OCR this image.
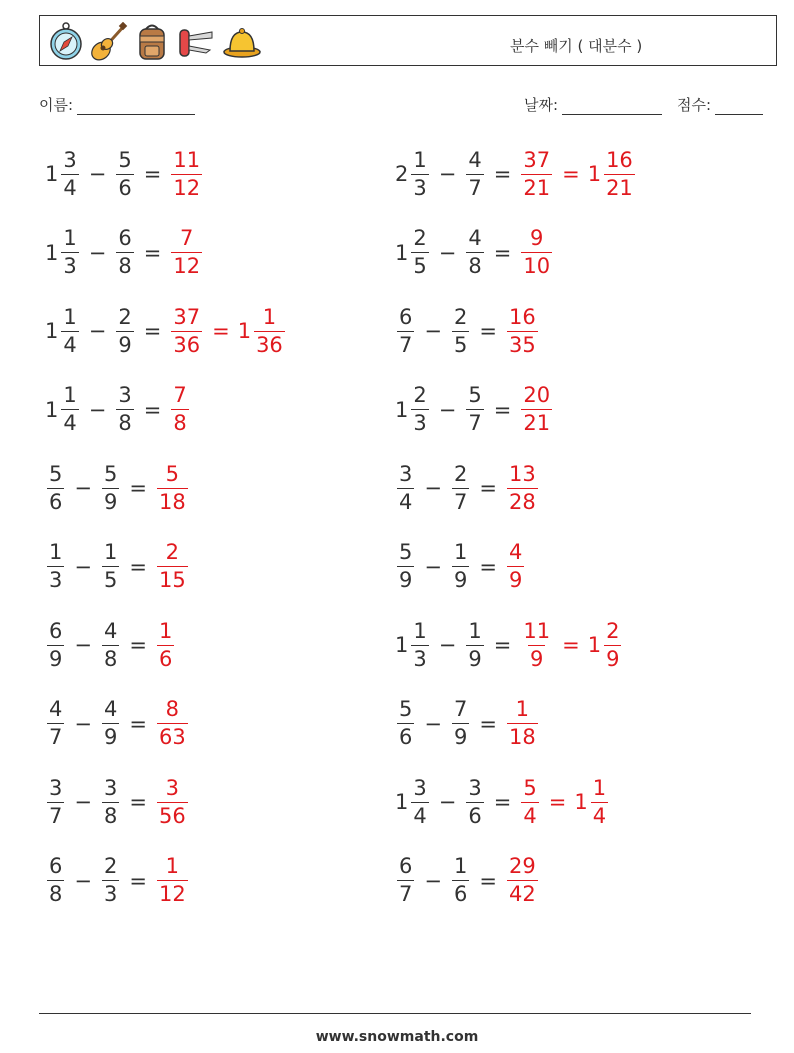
분수 빼기 ( 대분수 )
이름:	날짜:	점수:
$1 \frac{3}{4} - \frac{5}{6} = \frac{11}{12}$	$2 \frac{1}{3} - \frac{4}{7} = \frac{37}{21} = 1 \frac{16}{21}$
$1 \frac{1}{3} - \frac{6}{8} = \frac{7}{12}$	$1 \frac{2}{5} - \frac{4}{8} = \frac{9}{10}$
$1 \frac{1}{4} - \frac{2}{9} = \frac{37}{36} = 1 \frac{1}{36}$	$\frac{6}{7} - \frac{2}{5} = \frac{16}{35}$
$1 \frac{1}{4} - \frac{3}{8} = \frac{7}{8}$	$1 \frac{2}{3} - \frac{5}{7} = \frac{20}{21}$
$\frac{5}{6} - \frac{5}{9} = \frac{5}{18}$	$\frac{3}{4} - \frac{2}{7} = \frac{13}{28}$
$\frac{1}{3} - \frac{1}{5} = \frac{2}{15}$	$\frac{5}{9} - \frac{1}{9} = \frac{4}{9}$
$\frac{6}{9} - \frac{4}{8} = \frac{1}{6}$	$1 \frac{1}{3} - \frac{1}{9} = \frac{11}{9} = 1 \frac{2}{9}$
$\frac{4}{7} - \frac{4}{9} = \frac{8}{63}$	$\frac{5}{6} - \frac{7}{9} = \frac{1}{18}$
$\frac{3}{7} - \frac{3}{8} = \frac{3}{56}$	$1 \frac{3}{4} - \frac{3}{6} = \frac{5}{4} = 1 \frac{1}{4}$
$\frac{6}{8} - \frac{2}{3} = \frac{1}{12}$	$\frac{6}{7} - \frac{1}{6} = \frac{29}{42}$
www.snowmath.com
